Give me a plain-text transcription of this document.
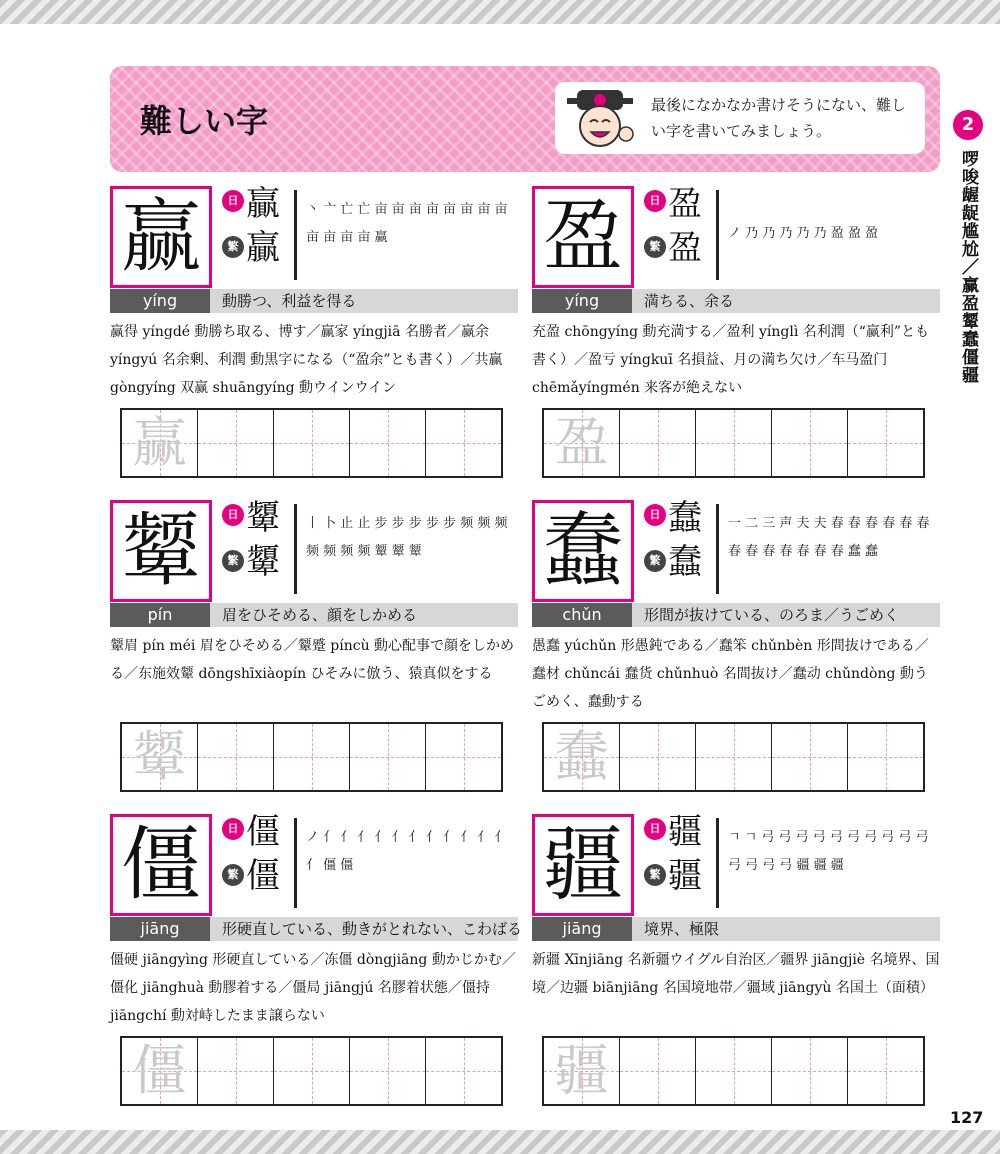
難しい字	最後になかなか書けそうにない、難しい字を書いてみましょう。	2
啰唆龌龊尴尬／赢盈颦蠢僵疆
赢	日 贏
繁 贏
丶 亠 亡 亡 亩 亩 亩 亩 亩 亩 亩 亩 亩 亩 亩 亩 赢
yíng	動勝つ、利益を得る
赢得 yíngdé 動勝ち取る、博す／赢家 yíngjiā 名勝者／赢余 yíngyú 名余剰、利潤 動黒字になる（“盈余”とも書く）／共赢 gòngyíng 双赢 shuāngyíng 動ウインウイン
赢
盈	日 盈
繁 盈 ノ 乃 乃 乃 乃 乃 盈 盈 盈
yíng	満ちる、余る
充盈 chōngyíng 動充満する／盈利 yínglì 名利潤（“赢利”とも書く）／盈亏 yíngkuī 名損益、月の満ち欠け／车马盈门 chēmǎyíngmén 来客が絶えない
盈
颦	日 顰
繁 顰
丨 卜 止 止 步 步 步 步 步 频 频 频 频 频 频 频 颦 颦 颦
pín	眉をひそめる、顔をしかめる
颦眉 pín méi 眉をひそめる／颦蹙 píncù 動心配事で顔をしかめる／东施效颦 dōngshīxiàopín ひそみに倣う、猿真似をする
颦
蠢	日 蠢
繁 蠢
一 二 三 声 夫 夫 春 春 春 春 春 春 春 春 春 春 春 春 春 蠢 蠢
chǔn	形間が抜けている、のろま／うごめく
愚蠢 yúchǔn 形愚鈍である／蠢笨 chǔnbèn 形間抜けである／蠢材 chǔncái 蠢货 chǔnhuò 名間抜け／蠢动 chǔndòng 動うごめく、蠢動する
蠢
僵	日 僵
繁 僵
ノ 亻 亻 亻 亻 亻 亻 亻 亻 亻 亻 亻 亻 僵 僵
jiāng	形硬直している、動きがとれない、こわばる
僵硬 jiāngyìng 形硬直している／冻僵 dòngjiāng 動かじかむ／僵化 jiānghuà 動膠着する／僵局 jiāngjú 名膠着状態／僵持 jiāngchí 動対峙したまま譲らない
僵
疆	日 疆
繁 疆
ㄱ ㄱ 弓 弓 弓 弓 弓 弓 弓 弓 弓 弓 弓 弓 弓 弓 疆 疆 疆
jiāng	境界、極限
新疆 Xīnjiāng 名新疆ウイグル自治区／疆界 jiāngjiè 名境界、国境／边疆 biānjiāng 名国境地帯／疆域 jiāngyù 名国土（面積）
疆
127
